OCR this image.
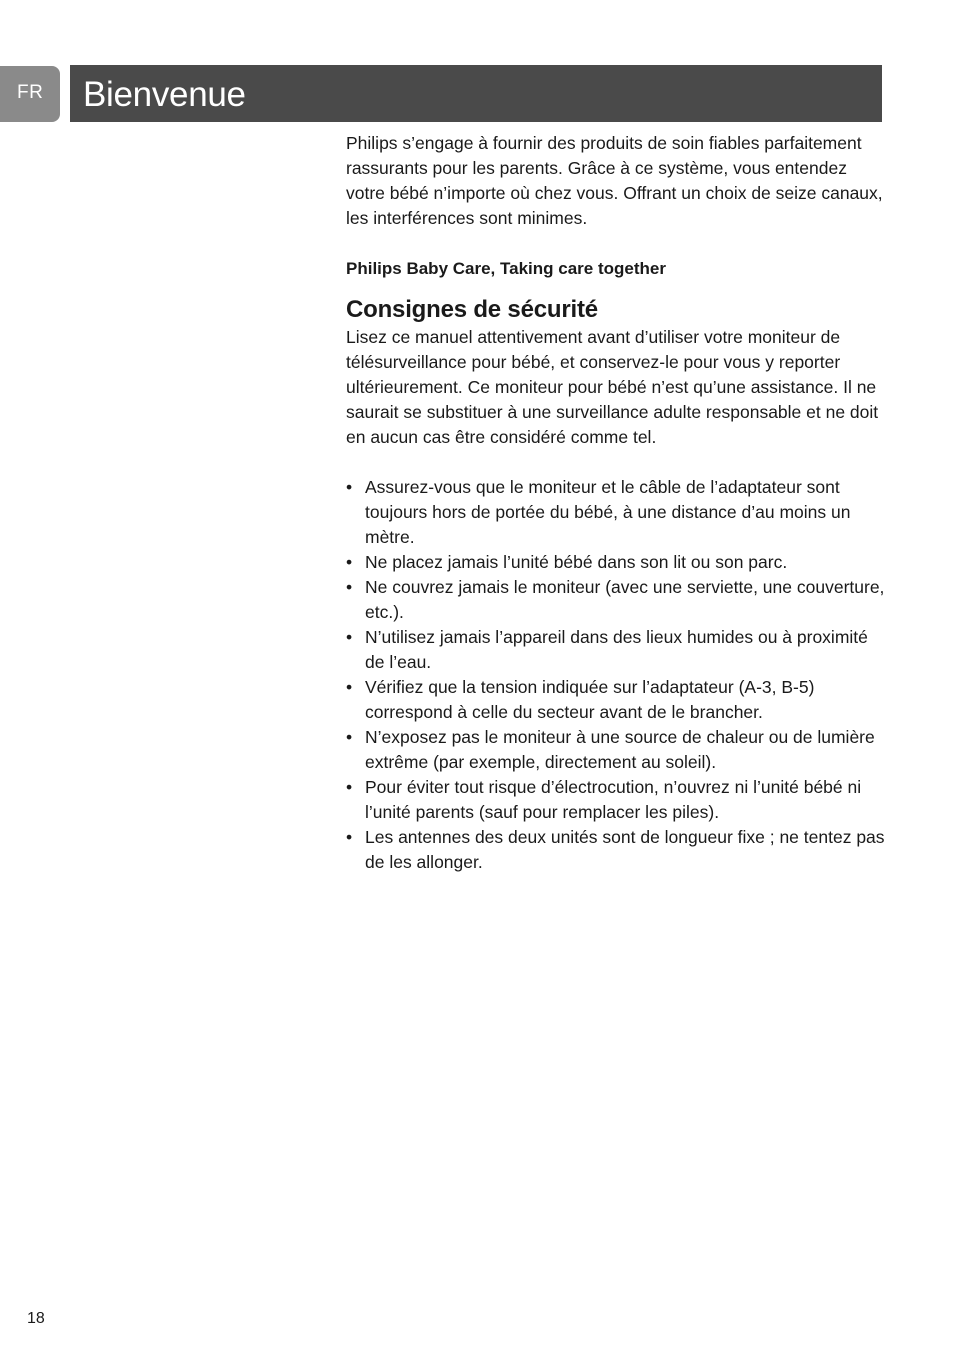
FR	Bienvenue

Philips s’engage à fournir des produits de soin fiables parfaitement rassurants pour les parents. Grâce à ce système, vous entendez votre bébé n’importe où chez vous. Offrant un choix de seize canaux, les interférences sont minimes.

Philips Baby Care, Taking care together

Consignes de sécurité

Lisez ce manuel attentivement avant d’utiliser votre moniteur de télésurveillance pour bébé, et conservez-le pour vous y reporter ultérieurement. Ce moniteur pour bébé n’est qu’une assistance. Il ne saurait se substituer à une surveillance adulte responsable et ne doit en aucun cas être considéré comme tel.

• Assurez-vous que le moniteur et le câble de l’adaptateur sont toujours hors de portée du bébé, à une distance d’au moins un mètre.
• Ne placez jamais l’unité bébé dans son lit ou son parc.
• Ne couvrez jamais le moniteur (avec une serviette, une couverture, etc.).
• N’utilisez jamais l’appareil dans des lieux humides ou à proximité de l’eau.
• Vérifiez que la tension indiquée sur l’adaptateur (A-3, B-5) correspond à celle du secteur avant de le brancher.
• N’exposez pas le moniteur à une source de chaleur ou de lumière extrême (par exemple, directement au soleil).
• Pour éviter tout risque d’électrocution, n’ouvrez ni l’unité bébé ni l’unité parents (sauf pour remplacer les piles).
• Les antennes des deux unités sont de longueur fixe ; ne tentez pas de les allonger.
18
